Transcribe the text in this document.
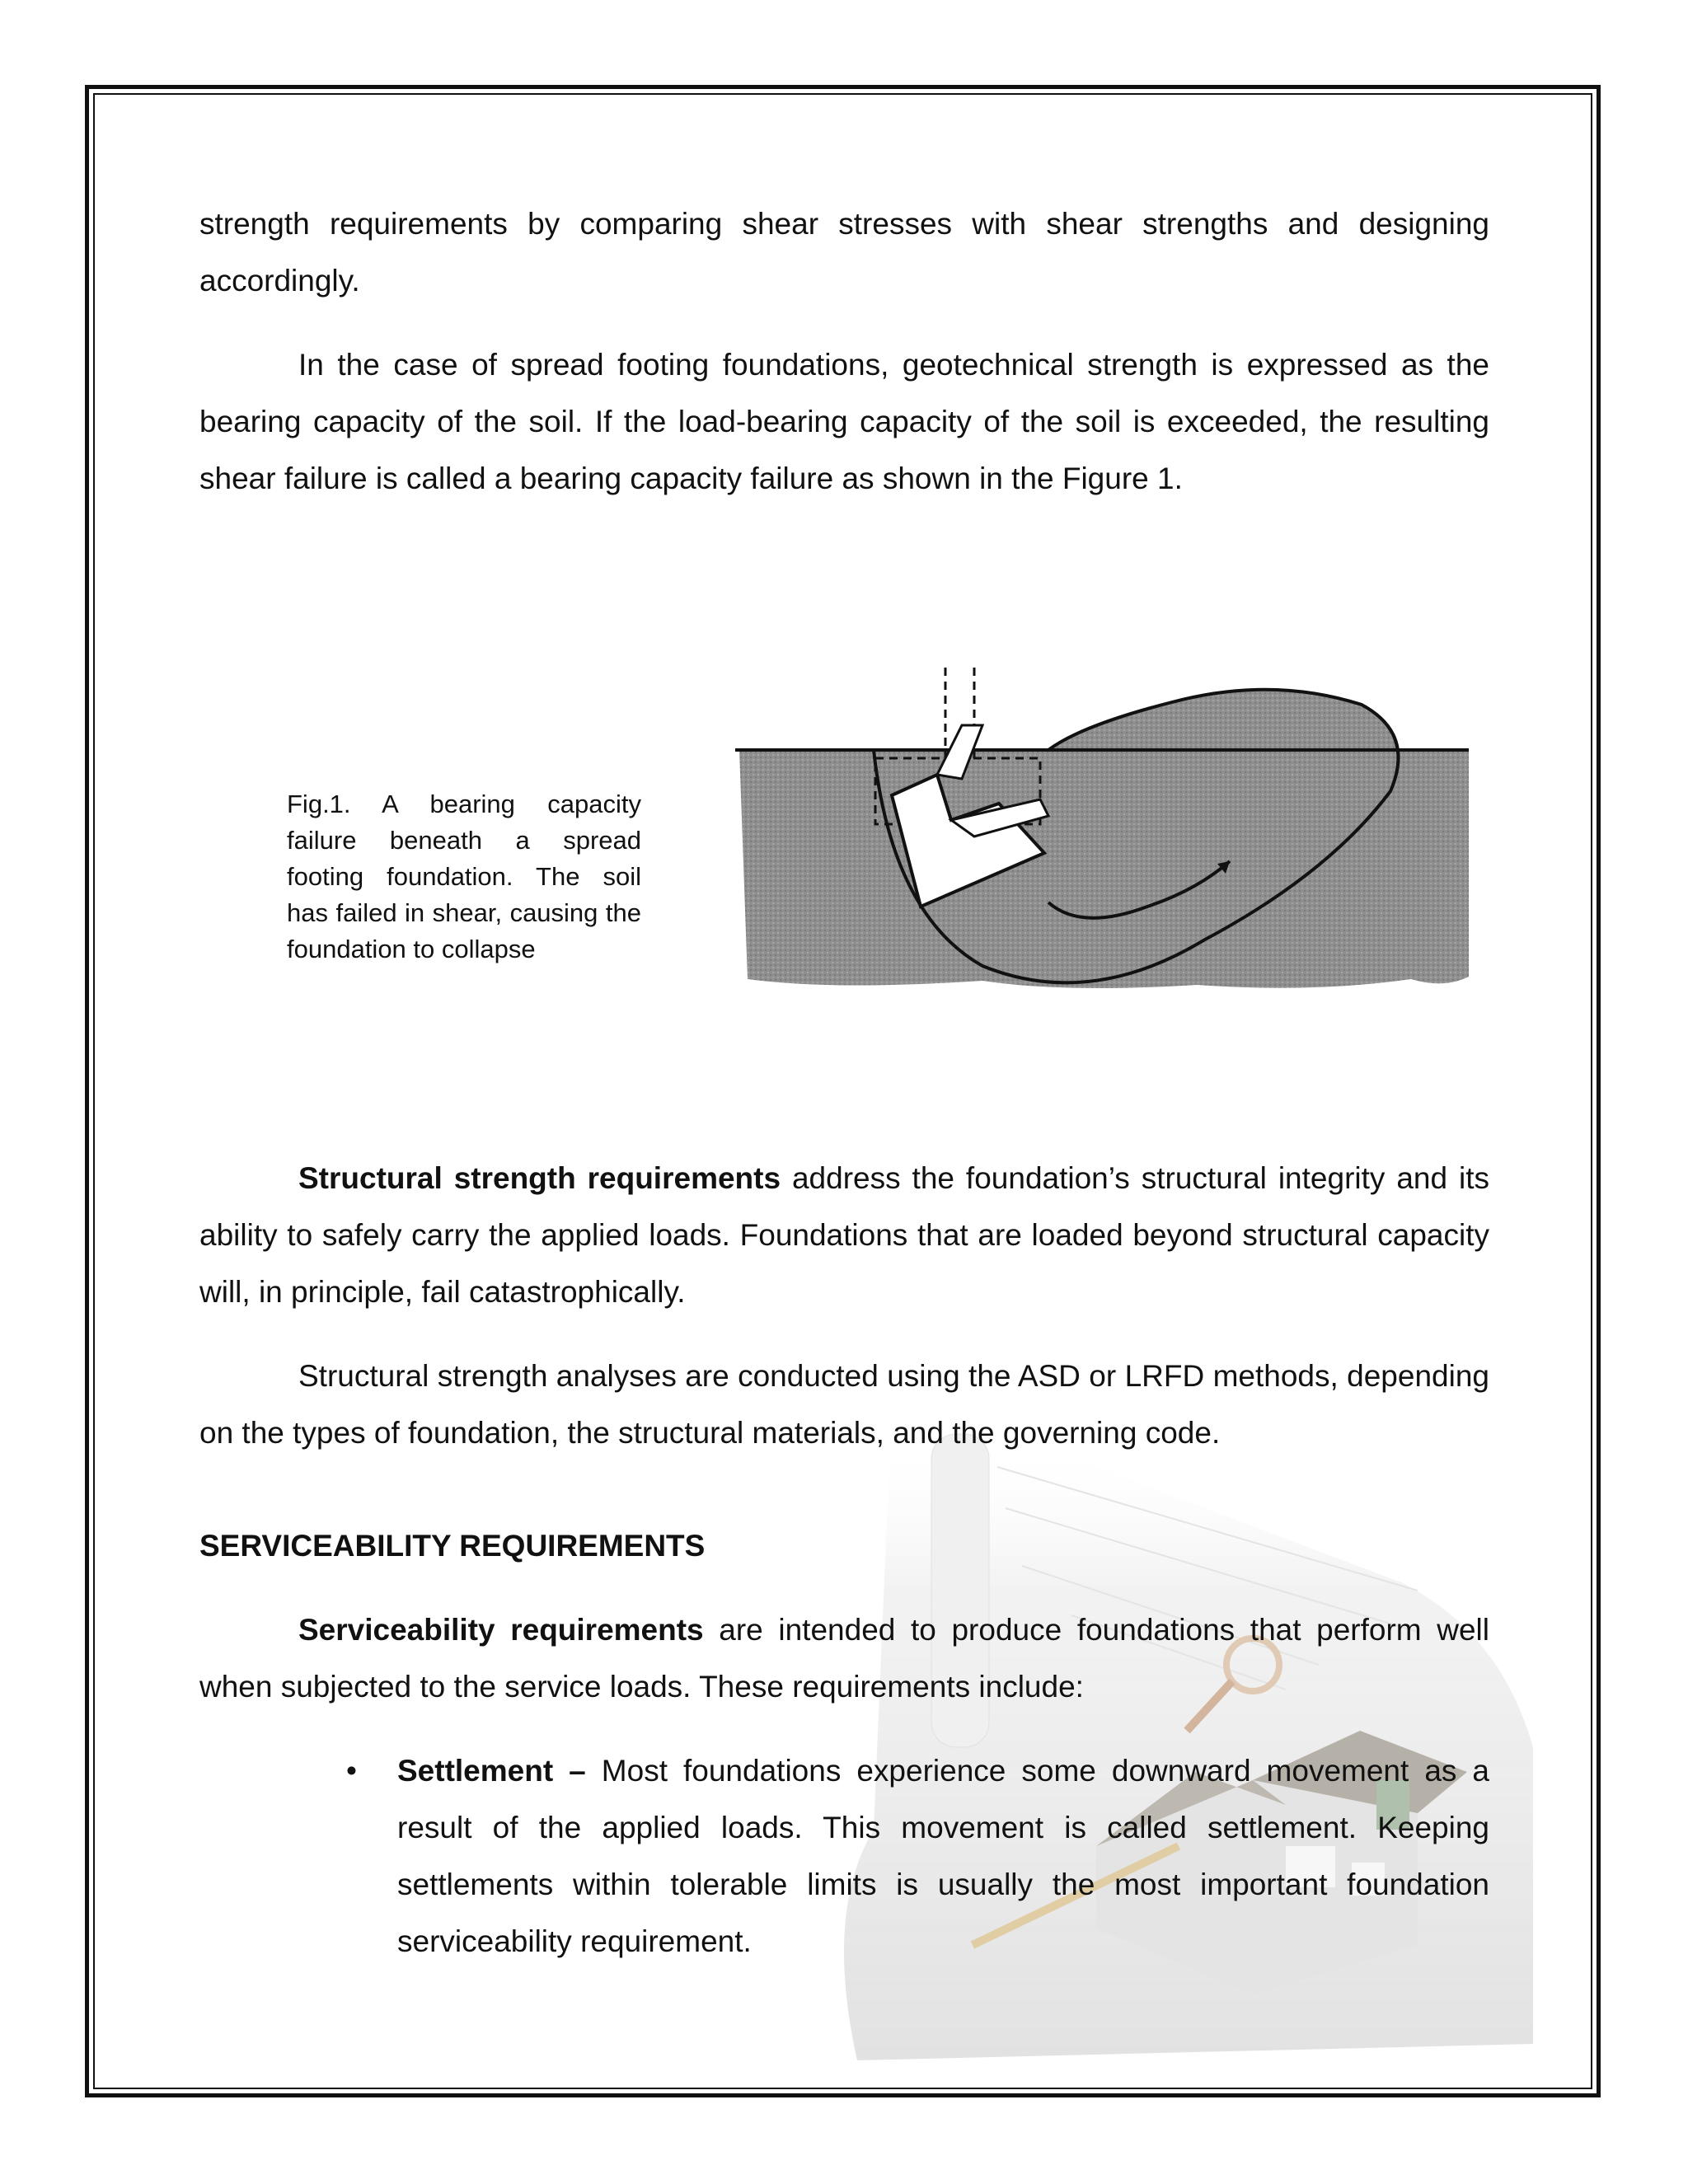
strength requirements by comparing shear stresses with shear strengths and designing accordingly.

In the case of spread footing foundations, geotechnical strength is expressed as the bearing capacity of the soil. If the load-bearing capacity of the soil is exceeded, the resulting shear failure is called a bearing capacity failure as shown in the Figure 1.

Fig.1. A bearing capacity failure beneath a spread footing foundation. The soil has failed in shear, causing the foundation to collapse

Structural strength requirements address the foundation’s structural integrity and its ability to safely carry the applied loads. Foundations that are loaded beyond structural capacity will, in principle, fail catastrophically.

Structural strength analyses are conducted using the ASD or LRFD methods, depending on the types of foundation, the structural materials, and the governing code.

SERVICEABILITY REQUIREMENTS

Serviceability requirements are intended to produce foundations that perform well when subjected to the service loads. These requirements include:

• Settlement – Most foundations experience some downward movement as a result of the applied loads. This movement is called settlement. Keeping settlements within tolerable limits is usually the most important foundation serviceability requirement.
